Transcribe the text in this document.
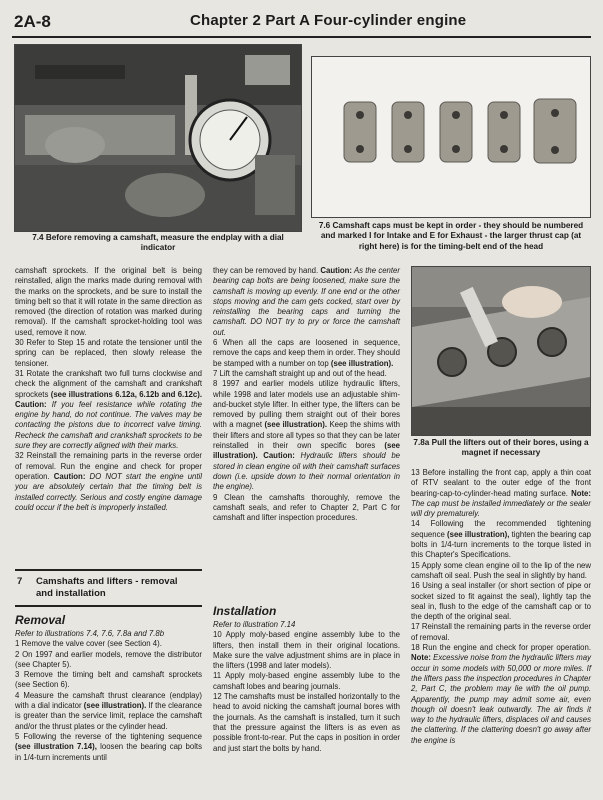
2A-8	Chapter 2 Part A Four-cylinder engine
7.4 Before removing a camshaft, measure the endplay with a dial indicator
7.6 Camshaft caps must be kept in order - they should be numbered and marked I for Intake and E for Exhaust - the larger thrust cap (at right here) is for the timing-belt end of the head

camshaft sprockets. If the original belt is being reinstalled, align the marks made during removal with the marks on the sprockets, and be sure to install the timing belt so that it will rotate in the same direction as removed (the direction of rotation was marked during removal). If the camshaft sprocket-holding tool was used, remove it now.

30 Refer to Step 15 and rotate the tensioner until the spring can be replaced, then slowly release the tensioner.

31 Rotate the crankshaft two full turns clockwise and check the alignment of the camshaft and crankshaft sprockets (see illustrations 6.12a, 6.12b and 6.12c). Caution: If you feel resistance while rotating the engine by hand, do not continue. The valves may be contacting the pistons due to incorrect valve timing. Recheck the camshaft and crankshaft sprockets to be sure they are correctly aligned with their marks.

32 Reinstall the remaining parts in the reverse order of removal. Run the engine and check for proper operation. Caution: DO NOT start the engine until you are absolutely certain that the timing belt is installed correctly. Serious and costly engine damage could occur if the belt is improperly installed.

7 Camshafts and lifters - removal
and installation
Removal

Refer to illustrations 7.4, 7.6, 7.8a and 7.8b

1 Remove the valve cover (see Section 4).

2 On 1997 and earlier models, remove the distributor (see Chapter 5).

3 Remove the timing belt and camshaft sprockets (see Section 6).

4 Measure the camshaft thrust clearance (endplay) with a dial indicator (see illustration). If the clearance is greater than the service limit, replace the camshaft and/or the thrust plates or the cylinder head.

5 Following the reverse of the tightening sequence (see illustration 7.14), loosen the bearing cap bolts in 1/4-turn increments until

they can be removed by hand. Caution: As the center bearing cap bolts are being loosened, make sure the camshaft is moving up evenly. If one end or the other stops moving and the cam gets cocked, start over by reinstalling the bearing caps and turning the camshaft. DO NOT try to pry or force the camshaft out.

6 When all the caps are loosened in sequence, remove the caps and keep them in order. They should be stamped with a number on top (see illustration).

7 Lift the camshaft straight up and out of the head.

8 1997 and earlier models utilize hydraulic lifters, while 1998 and later models use an adjustable shim-and-bucket style lifter. In either type, the lifters can be removed by pulling them straight out of their bores with a magnet (see illustration). Keep the shims with their lifters and store all types so that they can be later reinstalled in their own specific bores (see illustration). Caution: Hydraulic lifters should be stored in clean engine oil with their camshaft surfaces down (i.e. upside down to their normal orientation in the engine).

9 Clean the camshafts thoroughly, remove the camshaft seals, and refer to Chapter 2, Part C for camshaft and lifter inspection procedures.

Installation

Refer to illustration 7.14

10 Apply moly-based engine assembly lube to the lifters, then install them in their original locations. Make sure the valve adjustment shims are in place in the lifters (1998 and later models).

11 Apply moly-based engine assembly lube to the camshaft lobes and bearing journals.

12 The camshafts must be installed horizontally to the head to avoid nicking the camshaft journal bores with the journals. As the camshaft is installed, turn it such that the pressure against the lifters is as even as possible front-to-rear. Put the caps in position in order and just start the bolts by hand.

7.8a Pull the lifters out of their bores, using a magnet if necessary

13 Before installing the front cap, apply a thin coat of RTV sealant to the outer edge of the front bearing-cap-to-cylinder-head mating surface. Note: The cap must be installed immediately or the sealer will dry prematurely.

14 Following the recommended tightening sequence (see illustration), tighten the bearing cap bolts in 1/4-turn increments to the torque listed in this Chapter's Specifications.

15 Apply some clean engine oil to the lip of the new camshaft oil seal. Push the seal in slightly by hand.

16 Using a seal installer (or short section of pipe or socket sized to fit against the seal), lightly tap the seal in, flush to the edge of the camshaft cap or to the depth of the original seal.

17 Reinstall the remaining parts in the reverse order of removal.

18 Run the engine and check for proper operation. Note: Excessive noise from the hydraulic lifters may occur in some models with 50,000 or more miles. If the lifters pass the inspection procedures in Chapter 2, Part C, the problem may lie with the oil pump. Apparently, the pump may admit some air, even though oil doesn't leak outwardly. The air finds it way to the hydraulic lifters, displaces oil and causes the clattering. If the clattering doesn't go away after the engine is
